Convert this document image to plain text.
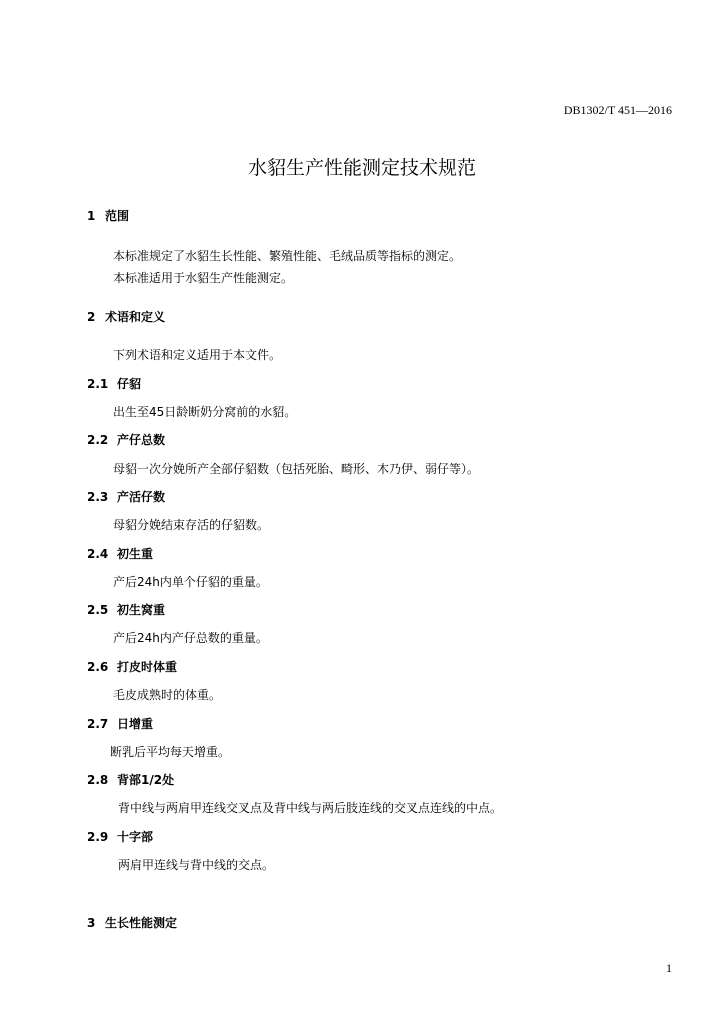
DB1302/T 451—2016
水貂生产性能测定技术规范
1 范围
本标准规定了水貂生长性能、繁殖性能、毛绒品质等指标的测定。
本标准适用于水貂生产性能测定。
2 术语和定义
下列术语和定义适用于本文件。
2.1 仔貂
出生至45日龄断奶分窝前的水貂。
2.2 产仔总数
母貂一次分娩所产全部仔貂数（包括死胎、畸形、木乃伊、弱仔等）。
2.3 产活仔数
母貂分娩结束存活的仔貂数。
2.4 初生重
产后24h内单个仔貂的重量。
2.5 初生窝重
产后24h内产仔总数的重量。
2.6 打皮时体重
毛皮成熟时的体重。
2.7 日增重
断乳后平均每天增重。
2.8 背部1/2处
背中线与两肩甲连线交叉点及背中线与两后肢连线的交叉点连线的中点。
2.9 十字部
两肩甲连线与背中线的交点。
3 生长性能测定
1
